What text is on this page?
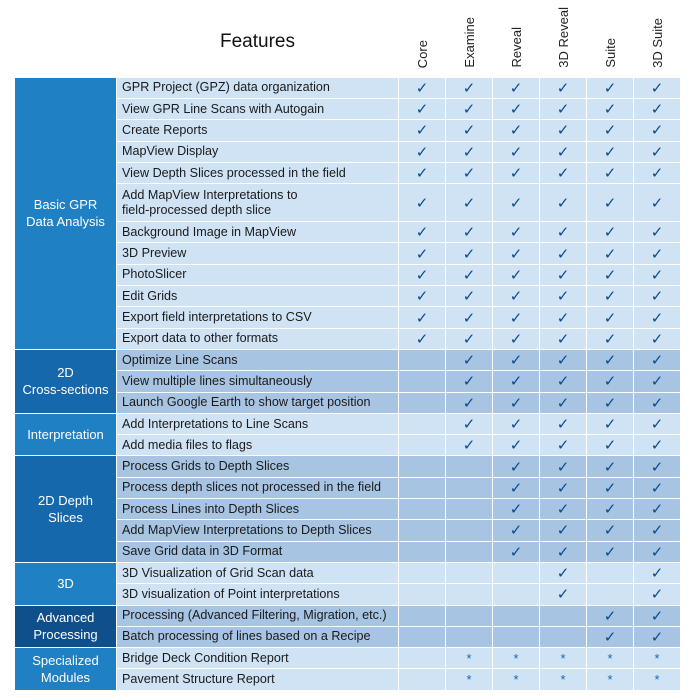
	Features	Core	Examine	Reveal	3D Reveal	Suite	3D Suite
Basic GPR
Data Analysis	GPR Project (GPZ) data organization	✓	✓	✓	✓	✓	✓
	View GPR Line Scans with Autogain	✓	✓	✓	✓	✓	✓
	Create Reports	✓	✓	✓	✓	✓	✓
	MapView Display	✓	✓	✓	✓	✓	✓
	View Depth Slices processed in the field	✓	✓	✓	✓	✓	✓
	Add MapView Interpretations to
field-processed depth slice	✓	✓	✓	✓	✓	✓
	Background Image in MapView	✓	✓	✓	✓	✓	✓
	3D Preview	✓	✓	✓	✓	✓	✓
	PhotoSlicer	✓	✓	✓	✓	✓	✓
	Edit Grids	✓	✓	✓	✓	✓	✓
	Export field interpretations to CSV	✓	✓	✓	✓	✓	✓
	Export data to other formats	✓	✓	✓	✓	✓	✓
2D
Cross-sections	Optimize Line Scans		✓	✓	✓	✓	✓
	View multiple lines simultaneously		✓	✓	✓	✓	✓
	Launch Google Earth to show target position		✓	✓	✓	✓	✓
Interpretation	Add Interpretations to Line Scans		✓	✓	✓	✓	✓
	Add media files to flags		✓	✓	✓	✓	✓
2D Depth
Slices	Process Grids to Depth Slices			✓	✓	✓	✓
	Process depth slices not processed in the field			✓	✓	✓	✓
	Process Lines into Depth Slices			✓	✓	✓	✓
	Add MapView Interpretations to Depth Slices			✓	✓	✓	✓
	Save Grid data in 3D Format			✓	✓	✓	✓
3D	3D Visualization of Grid Scan data				✓		✓
	3D visualization of Point interpretations				✓		✓
Advanced
Processing	Processing (Advanced Filtering, Migration, etc.)					✓	✓
	Batch processing of lines based on a Recipe					✓	✓
Specialized
Modules	Bridge Deck Condition Report		*	*	*	*	*
	Pavement Structure Report		*	*	*	*	*
